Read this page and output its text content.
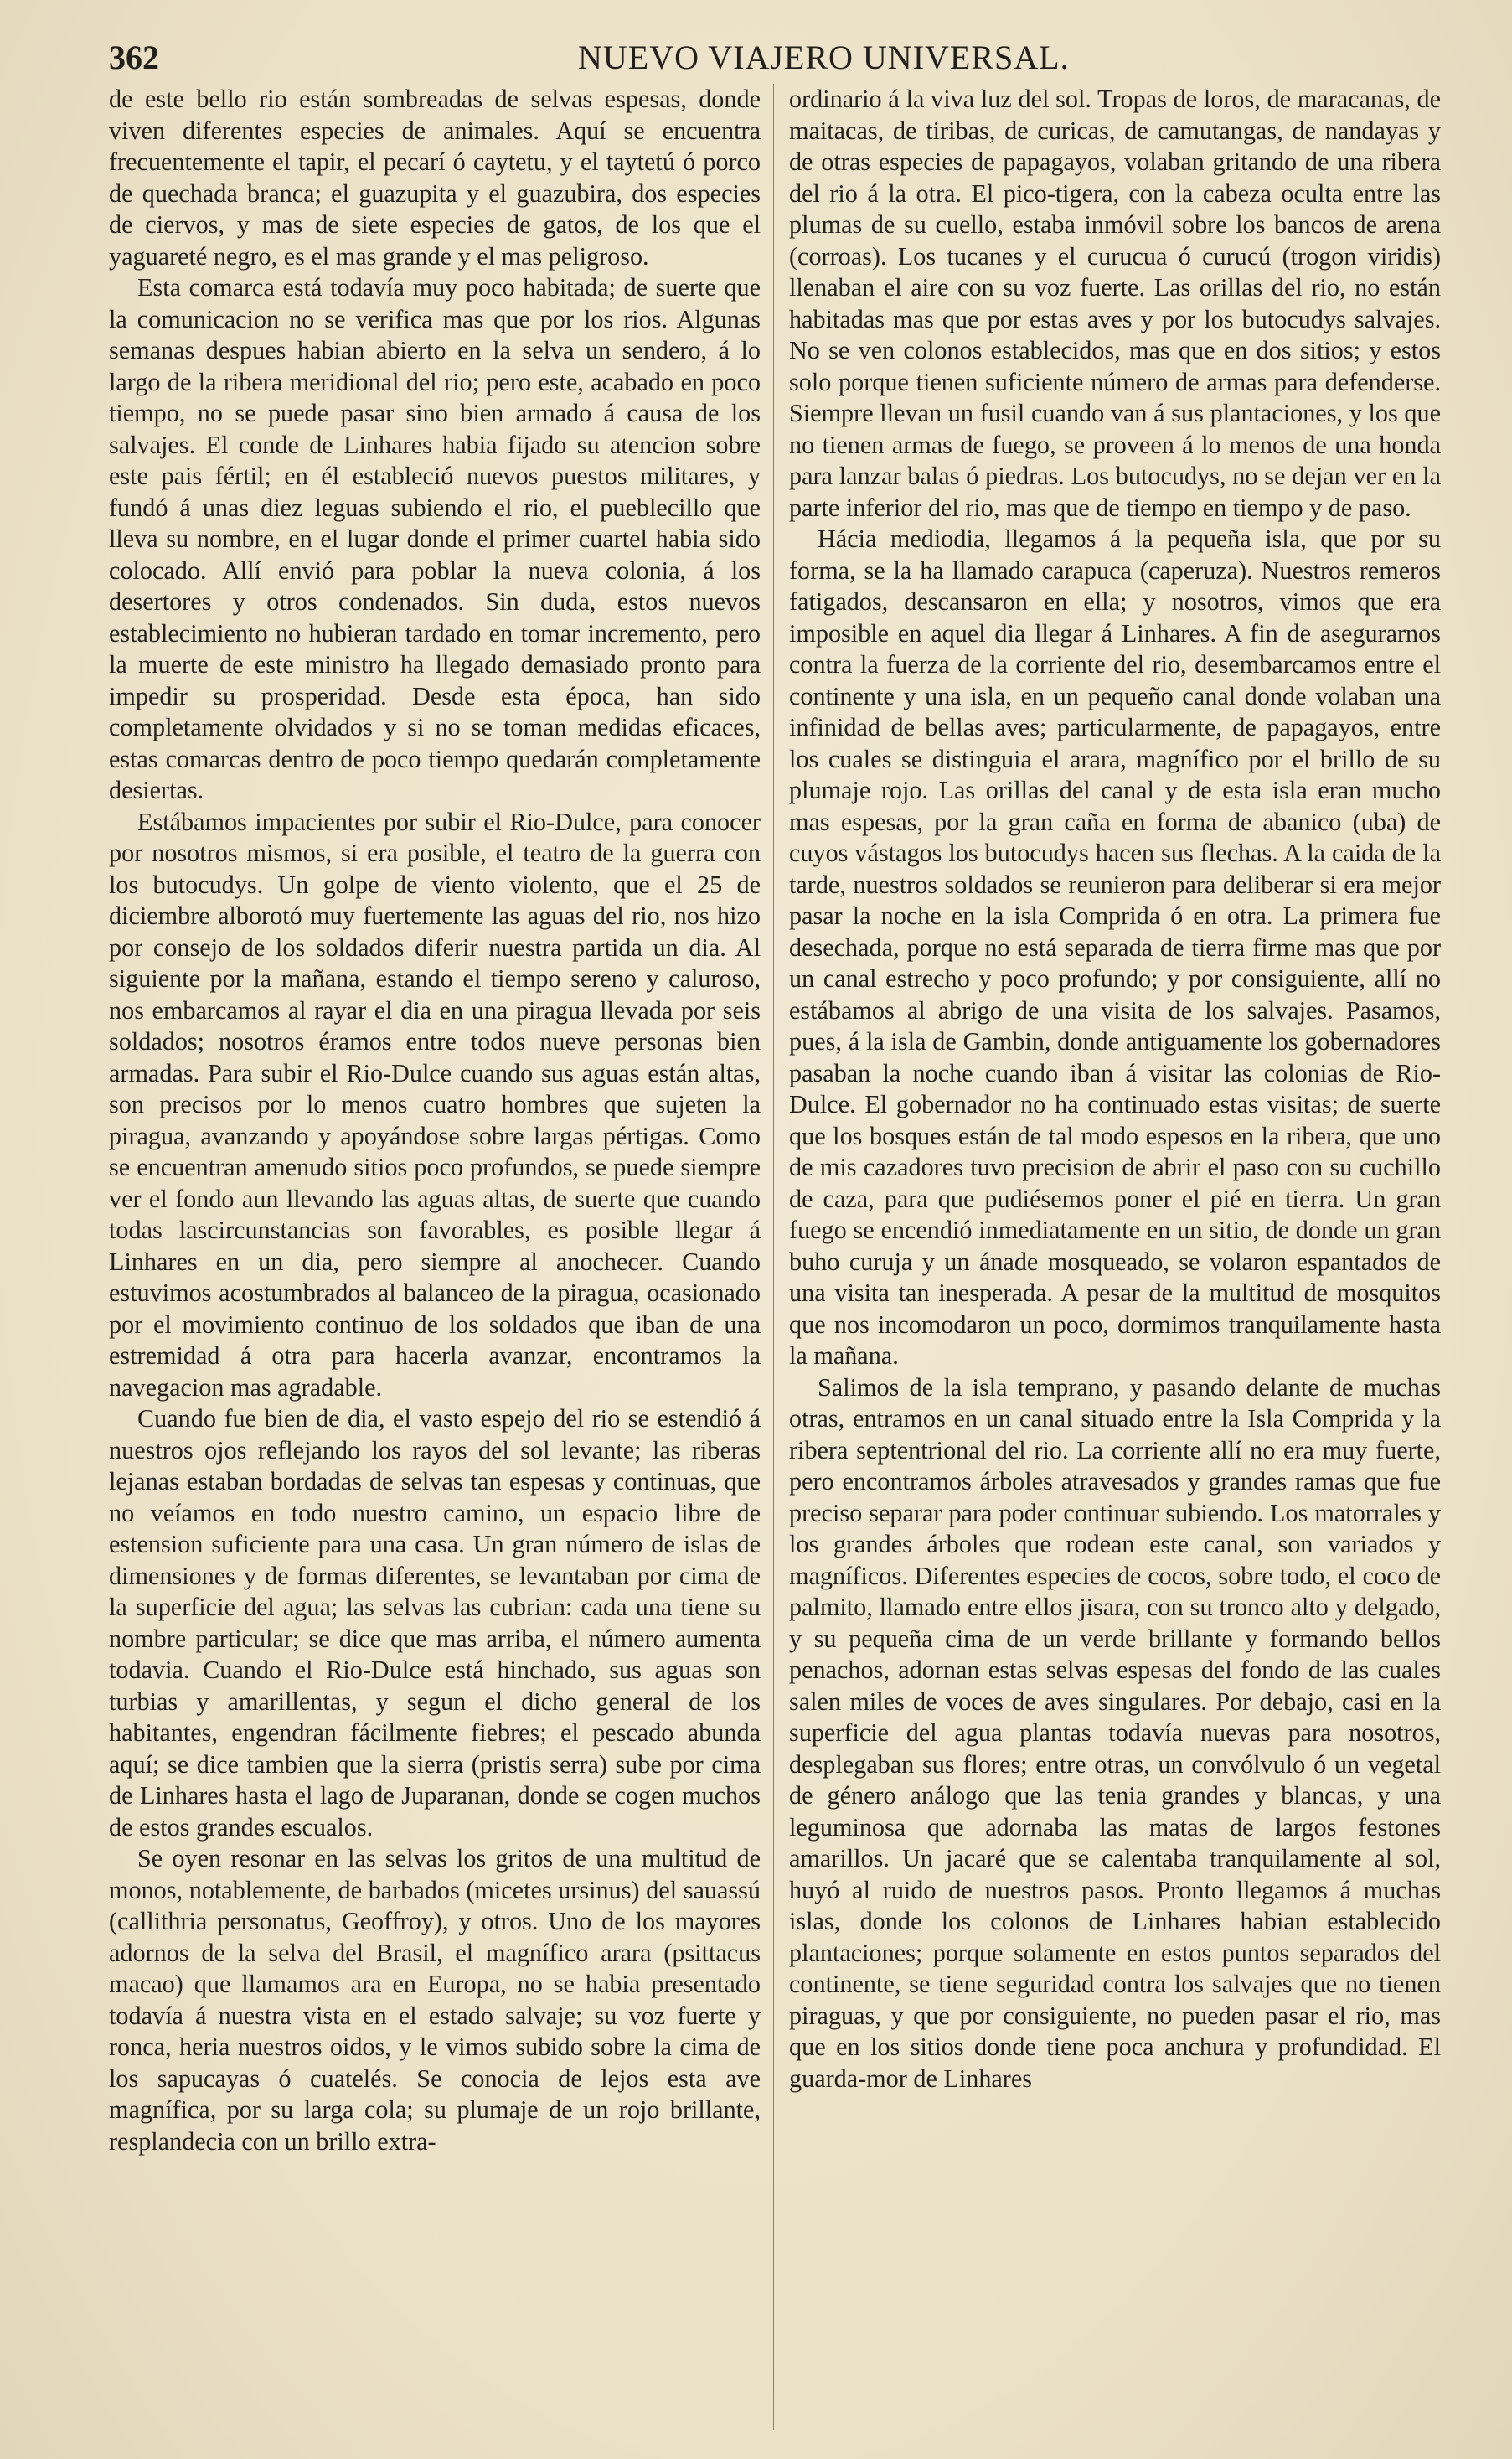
362	NUEVO VIAJERO UNIVERSAL.

de este bello rio están sombreadas de selvas espesas, donde viven diferentes especies de animales. Aquí se encuentra frecuentemente el tapir, el pecarí ó caytetu, y el taytetú ó porco de quechada branca; el guazupita y el guazubira, dos especies de ciervos, y mas de siete especies de gatos, de los que el yaguareté negro, es el mas grande y el mas peligroso.

Esta comarca está todavía muy poco habitada; de suerte que la comunicacion no se verifica mas que por los rios. Algunas semanas despues habian abierto en la selva un sendero, á lo largo de la ribera meridional del rio; pero este, acabado en poco tiempo, no se puede pasar sino bien armado á causa de los salvajes. El conde de Linhares habia fijado su atencion sobre este pais fértil; en él estableció nuevos puestos militares, y fundó á unas diez leguas subiendo el rio, el pueblecillo que lleva su nombre, en el lugar donde el primer cuartel habia sido colocado. Allí envió para poblar la nueva colonia, á los desertores y otros condenados. Sin duda, estos nuevos establecimiento no hubieran tardado en tomar incremento, pero la muerte de este ministro ha llegado demasiado pronto para impedir su prosperidad. Desde esta época, han sido completamente olvidados y si no se toman medidas eficaces, estas comarcas dentro de poco tiempo quedarán completamente desiertas.

Estábamos impacientes por subir el Rio-Dulce, para conocer por nosotros mismos, si era posible, el teatro de la guerra con los butocudys. Un golpe de viento violento, que el 25 de diciembre alborotó muy fuertemente las aguas del rio, nos hizo por consejo de los soldados diferir nuestra partida un dia. Al siguiente por la mañana, estando el tiempo sereno y caluroso, nos embarcamos al rayar el dia en una piragua llevada por seis soldados; nosotros éramos entre todos nueve personas bien armadas. Para subir el Rio-Dulce cuando sus aguas están altas, son precisos por lo menos cuatro hombres que sujeten la piragua, avanzando y apoyándose sobre largas pértigas. Como se encuentran amenudo sitios poco profundos, se puede siempre ver el fondo aun llevando las aguas altas, de suerte que cuando todas lascircunstancias son favorables, es posible llegar á Linhares en un dia, pero siempre al anochecer. Cuando estuvimos acostumbrados al balanceo de la piragua, ocasionado por el movimiento continuo de los soldados que iban de una estremidad á otra para hacerla avanzar, encontramos la navegacion mas agradable.

Cuando fue bien de dia, el vasto espejo del rio se estendió á nuestros ojos reflejando los rayos del sol levante; las riberas lejanas estaban bordadas de selvas tan espesas y continuas, que no veíamos en todo nuestro camino, un espacio libre de estension suficiente para una casa. Un gran número de islas de dimensiones y de formas diferentes, se levantaban por cima de la superficie del agua; las selvas las cubrian: cada una tiene su nombre particular; se dice que mas arriba, el número aumenta todavia. Cuando el Rio-Dulce está hinchado, sus aguas son turbias y amarillentas, y segun el dicho general de los habitantes, engendran fácilmente fiebres; el pescado abunda aquí; se dice tambien que la sierra (pristis serra) sube por cima de Linhares hasta el lago de Juparanan, donde se cogen muchos de estos grandes escualos.

Se oyen resonar en las selvas los gritos de una multitud de monos, notablemente, de barbados (micetes ursinus) del sauassú (callithria personatus, Geoffroy), y otros. Uno de los mayores adornos de la selva del Brasil, el magnífico arara (psittacus macao) que llamamos ara en Europa, no se habia presentado todavía á nuestra vista en el estado salvaje; su voz fuerte y ronca, heria nuestros oidos, y le vimos subido sobre la cima de los sapucayas ó cuatelés. Se conocia de lejos esta ave magnífica, por su larga cola; su plumaje de un rojo brillante, resplandecia con un brillo extra-

ordinario á la viva luz del sol. Tropas de loros, de maracanas, de maitacas, de tiribas, de curicas, de camutangas, de nandayas y de otras especies de papagayos, volaban gritando de una ribera del rio á la otra. El pico-tigera, con la cabeza oculta entre las plumas de su cuello, estaba inmóvil sobre los bancos de arena (corroas). Los tucanes y el curucua ó curucú (trogon viridis) llenaban el aire con su voz fuerte. Las orillas del rio, no están habitadas mas que por estas aves y por los butocudys salvajes. No se ven colonos establecidos, mas que en dos sitios; y estos solo porque tienen suficiente número de armas para defenderse. Siempre llevan un fusil cuando van á sus plantaciones, y los que no tienen armas de fuego, se proveen á lo menos de una honda para lanzar balas ó piedras. Los butocudys, no se dejan ver en la parte inferior del rio, mas que de tiempo en tiempo y de paso.

Hácia mediodia, llegamos á la pequeña isla, que por su forma, se la ha llamado carapuca (caperuza). Nuestros remeros fatigados, descansaron en ella; y nosotros, vimos que era imposible en aquel dia llegar á Linhares. A fin de asegurarnos contra la fuerza de la corriente del rio, desembarcamos entre el continente y una isla, en un pequeño canal donde volaban una infinidad de bellas aves; particularmente, de papagayos, entre los cuales se distinguia el arara, magnífico por el brillo de su plumaje rojo. Las orillas del canal y de esta isla eran mucho mas espesas, por la gran caña en forma de abanico (uba) de cuyos vástagos los butocudys hacen sus flechas. A la caida de la tarde, nuestros soldados se reunieron para deliberar si era mejor pasar la noche en la isla Comprida ó en otra. La primera fue desechada, porque no está separada de tierra firme mas que por un canal estrecho y poco profundo; y por consiguiente, allí no estábamos al abrigo de una visita de los salvajes. Pasamos, pues, á la isla de Gambin, donde antiguamente los gobernadores pasaban la noche cuando iban á visitar las colonias de Rio-Dulce. El gobernador no ha continuado estas visitas; de suerte que los bosques están de tal modo espesos en la ribera, que uno de mis cazadores tuvo precision de abrir el paso con su cuchillo de caza, para que pudiésemos poner el pié en tierra. Un gran fuego se encendió inmediatamente en un sitio, de donde un gran buho curuja y un ánade mosqueado, se volaron espantados de una visita tan inesperada. A pesar de la multitud de mosquitos que nos incomodaron un poco, dormimos tranquilamente hasta la mañana.

Salimos de la isla temprano, y pasando delante de muchas otras, entramos en un canal situado entre la Isla Comprida y la ribera septentrional del rio. La corriente allí no era muy fuerte, pero encontramos árboles atravesados y grandes ramas que fue preciso separar para poder continuar subiendo. Los matorrales y los grandes árboles que rodean este canal, son variados y magníficos. Diferentes especies de cocos, sobre todo, el coco de palmito, llamado entre ellos jisara, con su tronco alto y delgado, y su pequeña cima de un verde brillante y formando bellos penachos, adornan estas selvas espesas del fondo de las cuales salen miles de voces de aves singulares. Por debajo, casi en la superficie del agua plantas todavía nuevas para nosotros, desplegaban sus flores; entre otras, un convólvulo ó un vegetal de género análogo que las tenia grandes y blancas, y una leguminosa que adornaba las matas de largos festones amarillos. Un jacaré que se calentaba tranquilamente al sol, huyó al ruido de nuestros pasos. Pronto llegamos á muchas islas, donde los colonos de Linhares habian establecido plantaciones; porque solamente en estos puntos separados del continente, se tiene seguridad contra los salvajes que no tienen piraguas, y que por consiguiente, no pueden pasar el rio, mas que en los sitios donde tiene poca anchura y profundidad. El guarda-mor de Linhares
